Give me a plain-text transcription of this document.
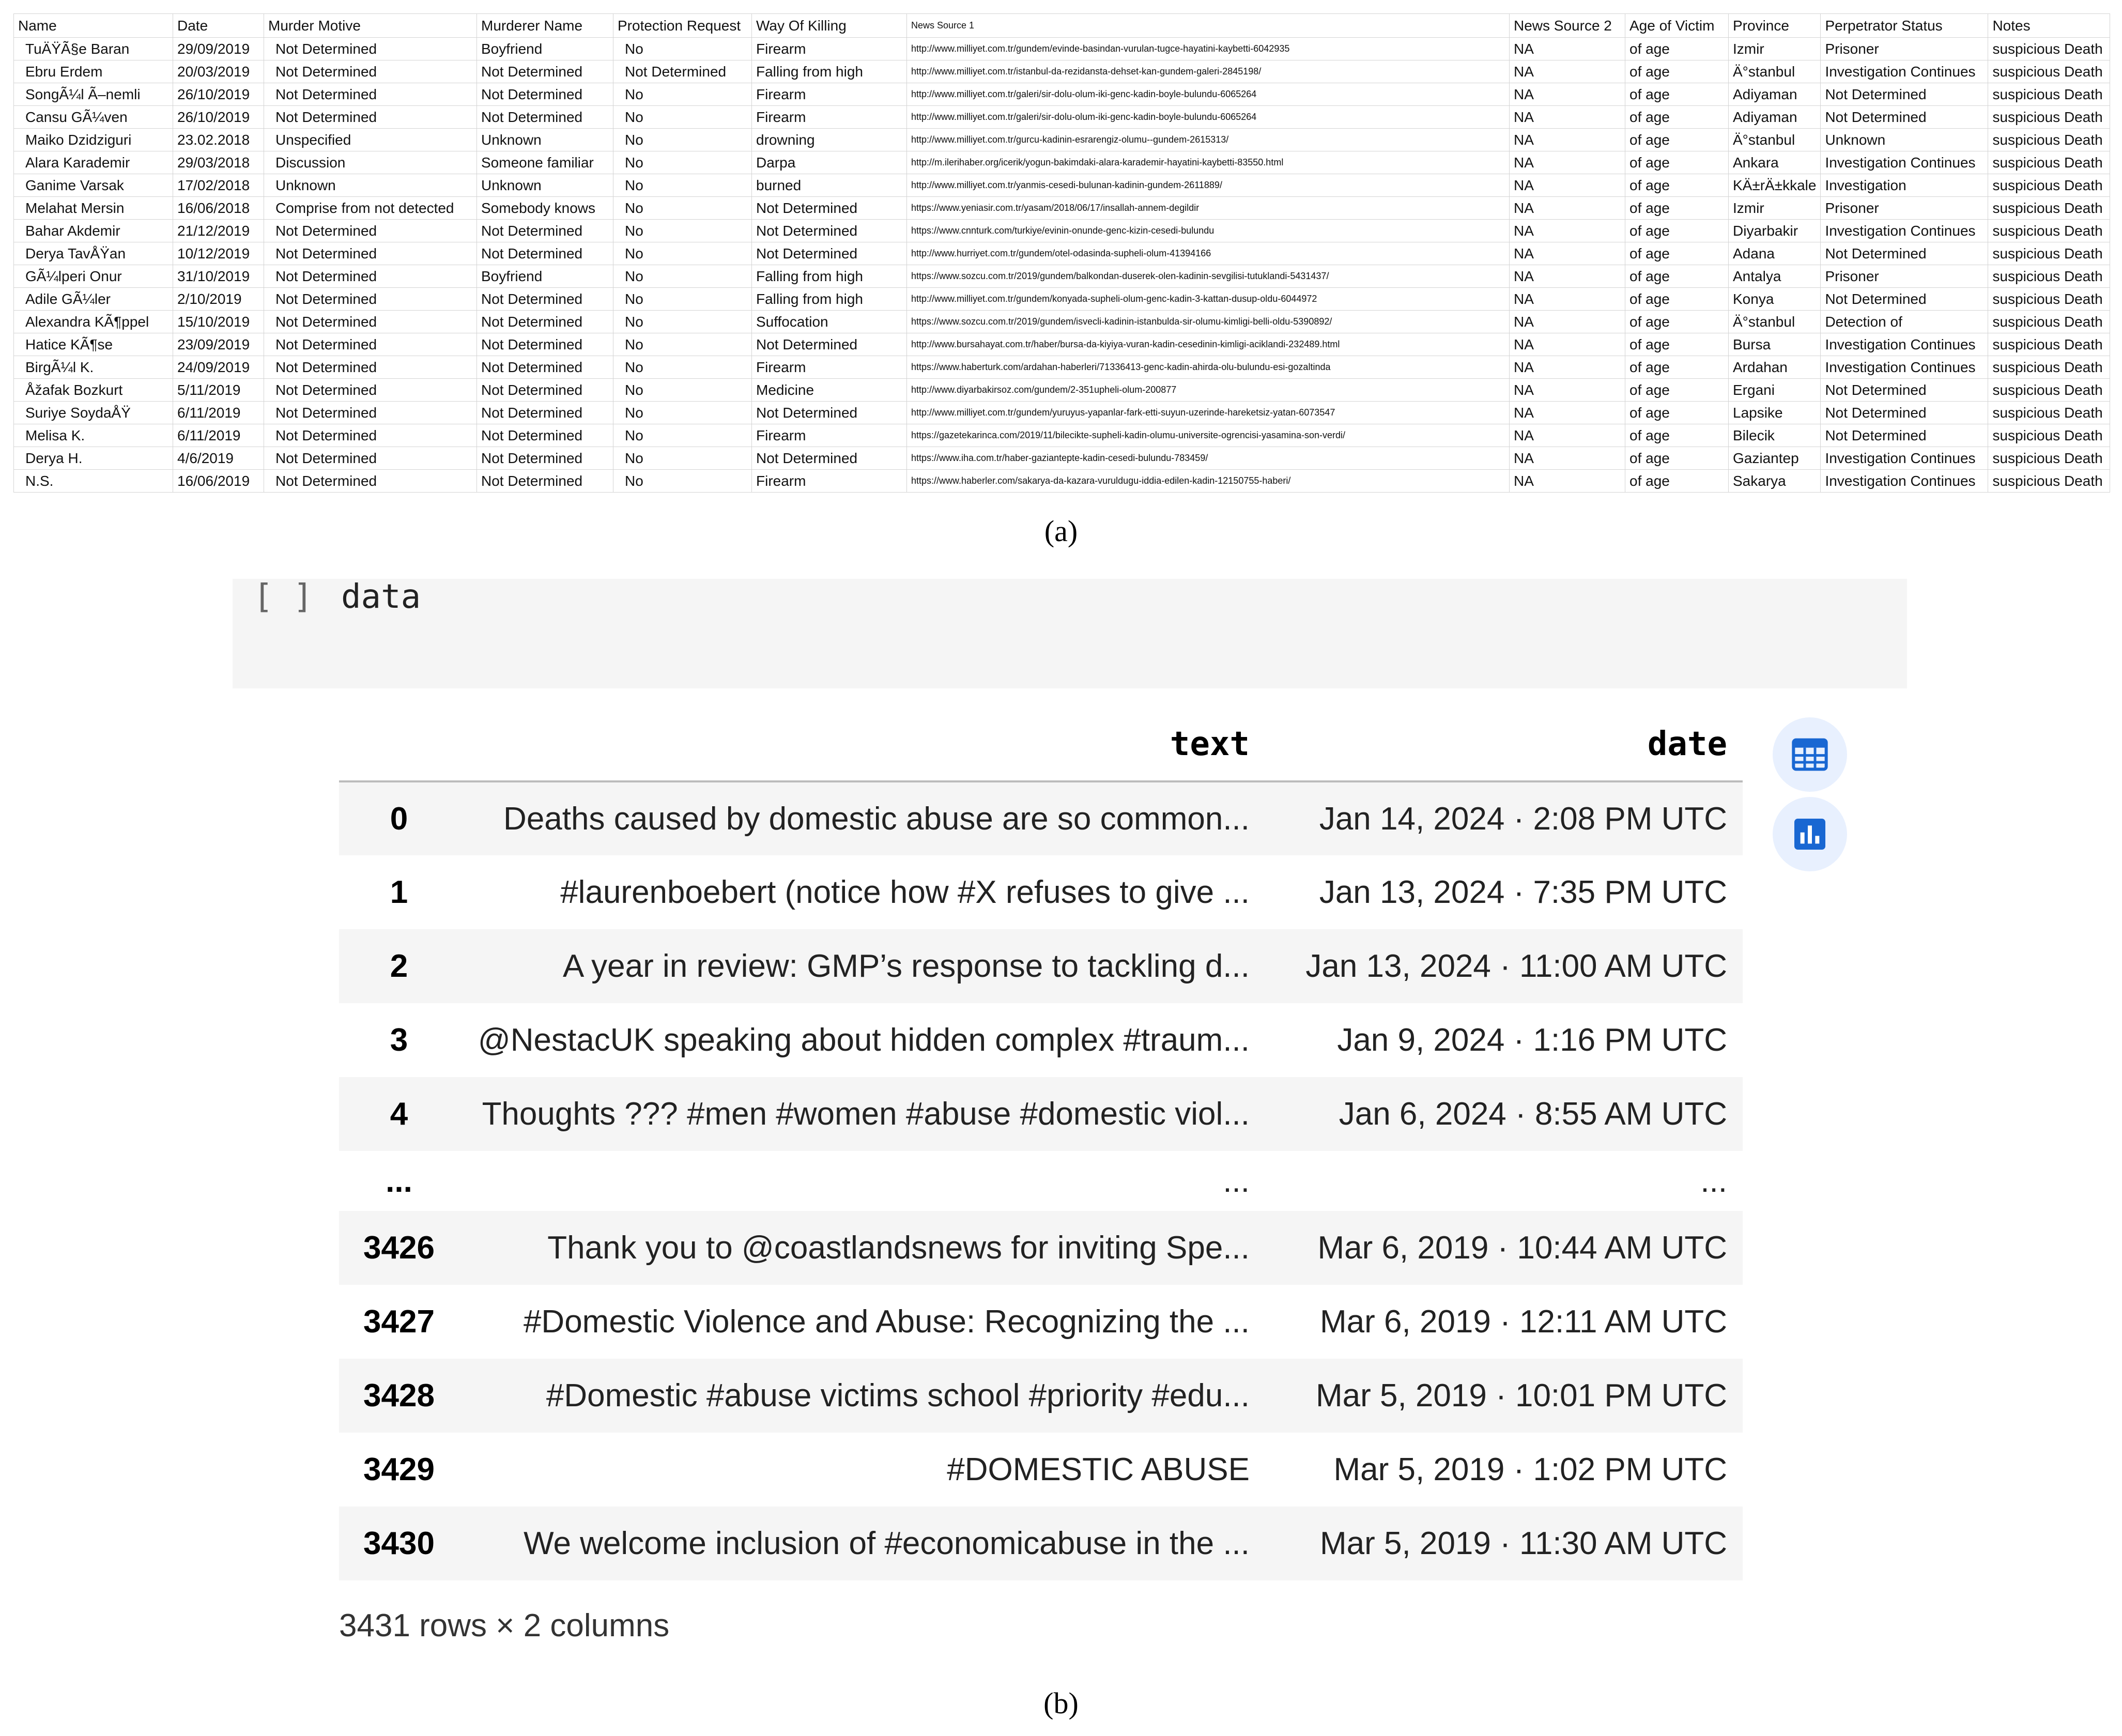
Name	Date	Murder Motive	Murderer Name	Protection Request	Way Of Killing	News Source 1	News Source 2	Age of Victim	Province	Perpetrator Status	Notes
TuÄŸÃ§e Baran	29/09/2019	Not Determined	Boyfriend	No	Firearm	http://www.milliyet.com.tr/gundem/evinde-basindan-vurulan-tugce-hayatini-kaybetti-6042935	NA	of age	Izmir	Prisoner	suspicious Death
Ebru Erdem	20/03/2019	Not Determined	Not Determined	Not Determined	Falling from high	http://www.milliyet.com.tr/istanbul-da-rezidansta-dehset-kan-gundem-galeri-2845198/	NA	of age	Ä°stanbul	Investigation Continues	suspicious Death
SongÃ¼l Ã–nemli	26/10/2019	Not Determined	Not Determined	No	Firearm	http://www.milliyet.com.tr/galeri/sir-dolu-olum-iki-genc-kadin-boyle-bulundu-6065264	NA	of age	Adiyaman	Not Determined	suspicious Death
Cansu GÃ¼ven	26/10/2019	Not Determined	Not Determined	No	Firearm	http://www.milliyet.com.tr/galeri/sir-dolu-olum-iki-genc-kadin-boyle-bulundu-6065264	NA	of age	Adiyaman	Not Determined	suspicious Death
Maiko Dzidziguri	23.02.2018	Unspecified	Unknown	No	drowning	http://www.milliyet.com.tr/gurcu-kadinin-esrarengiz-olumu--gundem-2615313/	NA	of age	Ä°stanbul	Unknown	suspicious Death
Alara Karademir	29/03/2018	Discussion	Someone familiar	No	Darpa	http://m.ilerihaber.org/icerik/yogun-bakimdaki-alara-karademir-hayatini-kaybetti-83550.html	NA	of age	Ankara	Investigation Continues	suspicious Death
Ganime Varsak	17/02/2018	Unknown	Unknown	No	burned	http://www.milliyet.com.tr/yanmis-cesedi-bulunan-kadinin-gundem-2611889/	NA	of age	KÄ±rÄ±kkale	Investigation	suspicious Death
Melahat Mersin	16/06/2018	Comprise from not detected	Somebody knows	No	Not Determined	https://www.yeniasir.com.tr/yasam/2018/06/17/insallah-annem-degildir	NA	of age	Izmir	Prisoner	suspicious Death
Bahar Akdemir	21/12/2019	Not Determined	Not Determined	No	Not Determined	https://www.cnnturk.com/turkiye/evinin-onunde-genc-kizin-cesedi-bulundu	NA	of age	Diyarbakir	Investigation Continues	suspicious Death
Derya TavÅŸan	10/12/2019	Not Determined	Not Determined	No	Not Determined	http://www.hurriyet.com.tr/gundem/otel-odasinda-supheli-olum-41394166	NA	of age	Adana	Not Determined	suspicious Death
GÃ¼lperi Onur	31/10/2019	Not Determined	Boyfriend	No	Falling from high	https://www.sozcu.com.tr/2019/gundem/balkondan-duserek-olen-kadinin-sevgilisi-tutuklandi-5431437/	NA	of age	Antalya	Prisoner	suspicious Death
Adile GÃ¼ler	2/10/2019	Not Determined	Not Determined	No	Falling from high	http://www.milliyet.com.tr/gundem/konyada-supheli-olum-genc-kadin-3-kattan-dusup-oldu-6044972	NA	of age	Konya	Not Determined	suspicious Death
Alexandra KÃ¶ppel	15/10/2019	Not Determined	Not Determined	No	Suffocation	https://www.sozcu.com.tr/2019/gundem/isvecli-kadinin-istanbulda-sir-olumu-kimligi-belli-oldu-5390892/	NA	of age	Ä°stanbul	Detection of	suspicious Death
Hatice KÃ¶se	23/09/2019	Not Determined	Not Determined	No	Not Determined	http://www.bursahayat.com.tr/haber/bursa-da-kiyiya-vuran-kadin-cesedinin-kimligi-aciklandi-232489.html	NA	of age	Bursa	Investigation Continues	suspicious Death
BirgÃ¼l K.	24/09/2019	Not Determined	Not Determined	No	Firearm	https://www.haberturk.com/ardahan-haberleri/71336413-genc-kadin-ahirda-olu-bulundu-esi-gozaltinda	NA	of age	Ardahan	Investigation Continues	suspicious Death
Åžafak Bozkurt	5/11/2019	Not Determined	Not Determined	No	Medicine	http://www.diyarbakirsoz.com/gundem/2-351upheli-olum-200877	NA	of age	Ergani	Not Determined	suspicious Death
Suriye SoydaÅŸ	6/11/2019	Not Determined	Not Determined	No	Not Determined	http://www.milliyet.com.tr/gundem/yuruyus-yapanlar-fark-etti-suyun-uzerinde-hareketsiz-yatan-6073547	NA	of age	Lapsike	Not Determined	suspicious Death
Melisa K.	6/11/2019	Not Determined	Not Determined	No	Firearm	https://gazetekarinca.com/2019/11/bilecikte-supheli-kadin-olumu-universite-ogrencisi-yasamina-son-verdi/	NA	of age	Bilecik	Not Determined	suspicious Death
Derya H.	4/6/2019	Not Determined	Not Determined	No	Not Determined	https://www.iha.com.tr/haber-gaziantepte-kadin-cesedi-bulundu-783459/	NA	of age	Gaziantep	Investigation Continues	suspicious Death
N.S.	16/06/2019	Not Determined	Not Determined	No	Firearm	https://www.haberler.com/sakarya-da-kazara-vuruldugu-iddia-edilen-kadin-12150755-haberi/	NA	of age	Sakarya	Investigation Continues	suspicious Death
(a)
[ ] data
	text	date
0	Deaths caused by domestic abuse are so common...	Jan 14, 2024 · 2:08 PM UTC
1	#laurenboebert (notice how #X refuses to give ...	Jan 13, 2024 · 7:35 PM UTC
2	A year in review: GMP’s response to tackling d...	Jan 13, 2024 · 11:00 AM UTC
3	@NestacUK speaking about hidden complex #traum...	Jan 9, 2024 · 1:16 PM UTC
4	Thoughts ??? #men #women #abuse #domestic viol...	Jan 6, 2024 · 8:55 AM UTC
...	...	...
3426	Thank you to @coastlandsnews for inviting Spe...	Mar 6, 2019 · 10:44 AM UTC
3427	#Domestic Violence and Abuse: Recognizing the ...	Mar 6, 2019 · 12:11 AM UTC
3428	#Domestic #abuse victims school #priority #edu...	Mar 5, 2019 · 10:01 PM UTC
3429	#DOMESTIC ABUSE	Mar 5, 2019 · 1:02 PM UTC
3430	We welcome inclusion of #economicabuse in the ...	Mar 5, 2019 · 11:30 AM UTC
3431 rows × 2 columns
(b)
